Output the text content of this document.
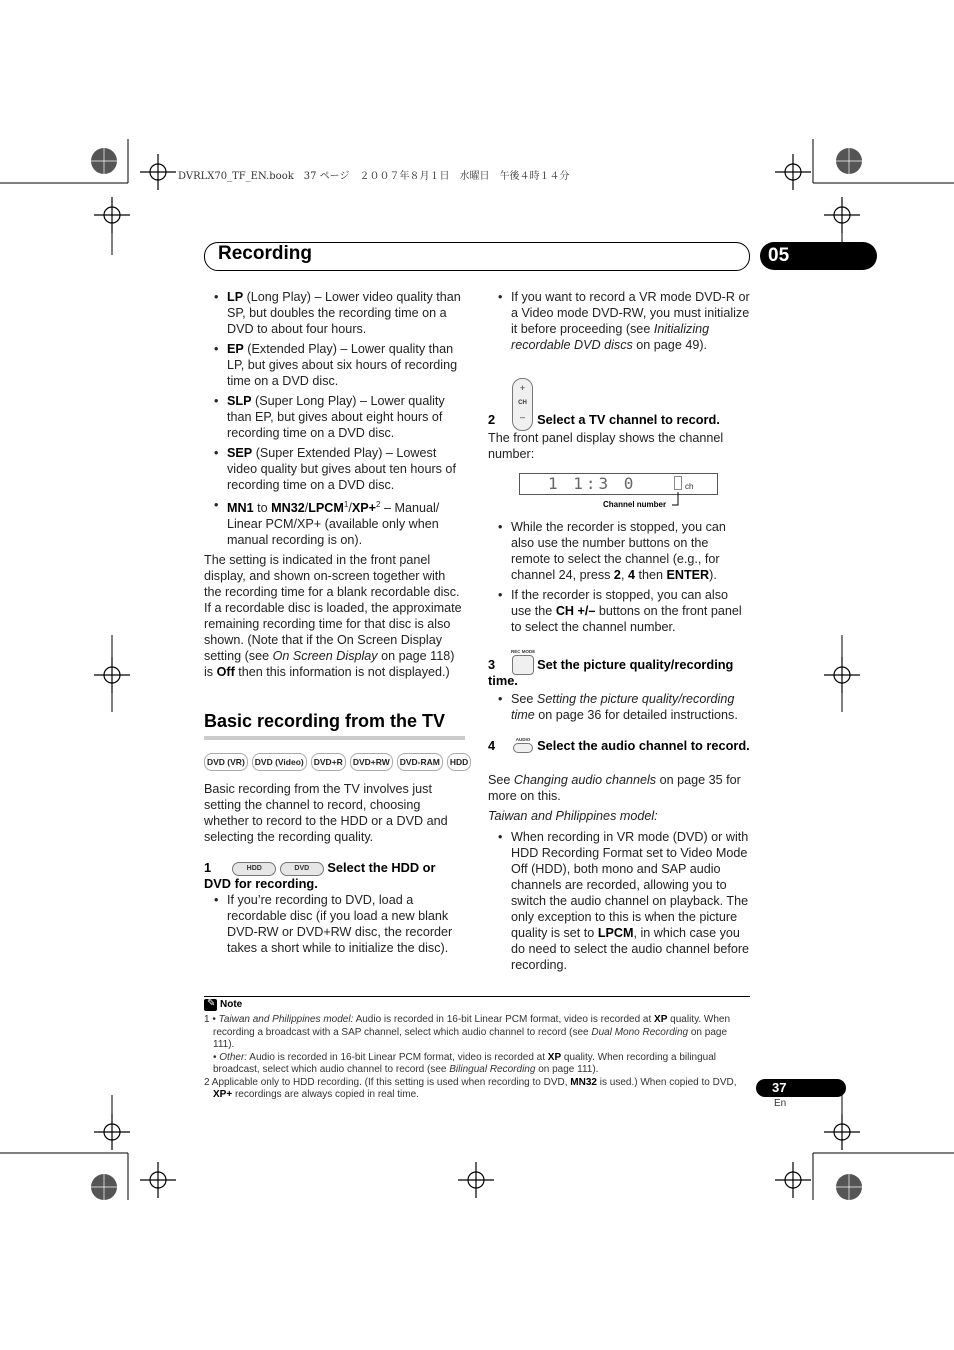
DVRLX70_TF_EN.book　37 ページ　２００７年８月１日　水曜日　午後４時１４分
Recording	05
• LP (Long Play) – Lower video quality than SP, but doubles the recording time on a DVD to about four hours.
• EP (Extended Play) – Lower quality than LP, but gives about six hours of recording time on a DVD disc.
• SLP (Super Long Play) – Lower quality than EP, but gives about eight hours of recording time on a DVD disc.
• SEP (Super Extended Play) – Lowest video quality but gives about ten hours of recording time on a DVD disc.
• MN1 to $MN32/LPCM^1/XP+^2$ – Manual/ Linear PCM/XP+ (available only when manual recording is on).

The setting is indicated in the front panel display, and shown on-screen together with the recording time for a blank recordable disc. If a recordable disc is loaded, the approximate remaining recording time for that disc is also shown. (Note that if the On Screen Display setting (see On Screen Display on page 118) is Off then this information is not displayed.)

Basic recording from the TV
DVD (VR) DVD (Video) DVD+R DVD+RW DVD-RAM HDD
Basic recording from the TV involves just setting the channel to record, choosing whether to record to the HDD or a DVD and selecting the recording quality.
1	HDD	DVD Select the HDD or DVD for recording.
• If you’re recording to DVD, load a recordable disc (if you load a new blank DVD-RW or DVD+RW disc, the recorder takes a short while to initialize the disc).
• If you want to record a VR mode DVD-R or a Video mode DVD-RW, you must initialize it before proceeding (see Initializing recordable DVD discs on page 49).
+
CH
–
2	Select a TV channel to record.
The front panel display shows the channel number:
1 1:3 0	ch
Channel number
• While the recorder is stopped, you can also use the number buttons on the remote to select the channel (e.g., for channel 24, press 2, 4 then ENTER).
• If the recorder is stopped, you can also use the CH +/– buttons on the front panel to select the channel number.
REC MODE
3	Set the picture quality/recording time.
• See Setting the picture quality/recording time on page 36 for detailed instructions.
AUDIO
4	Select the audio channel to record.
See Changing audio channels on page 35 for more on this.
Taiwan and Philippines model:
• When recording in VR mode (DVD) or with HDD Recording Format set to Video Mode Off (HDD), both mono and SAP audio channels are recorded, allowing you to switch the audio channel on playback. The only exception to this is when the picture quality is set to LPCM, in which case you do need to select the audio channel before recording.
✎ Note
1 • Taiwan and Philippines model: Audio is recorded in 16-bit Linear PCM format, video is recorded at XP quality. When recording a broadcast with a SAP channel, select which audio channel to record (see Dual Mono Recording on page 111).
• Other: Audio is recorded in 16-bit Linear PCM format, video is recorded at XP quality. When recording a bilingual broadcast, select which audio channel to record (see Bilingual Recording on page 111).
2 Applicable only to HDD recording. (If this setting is used when recording to DVD, MN32 is used.) When copied to DVD, XP+ recordings are always copied in real time.	37
En
